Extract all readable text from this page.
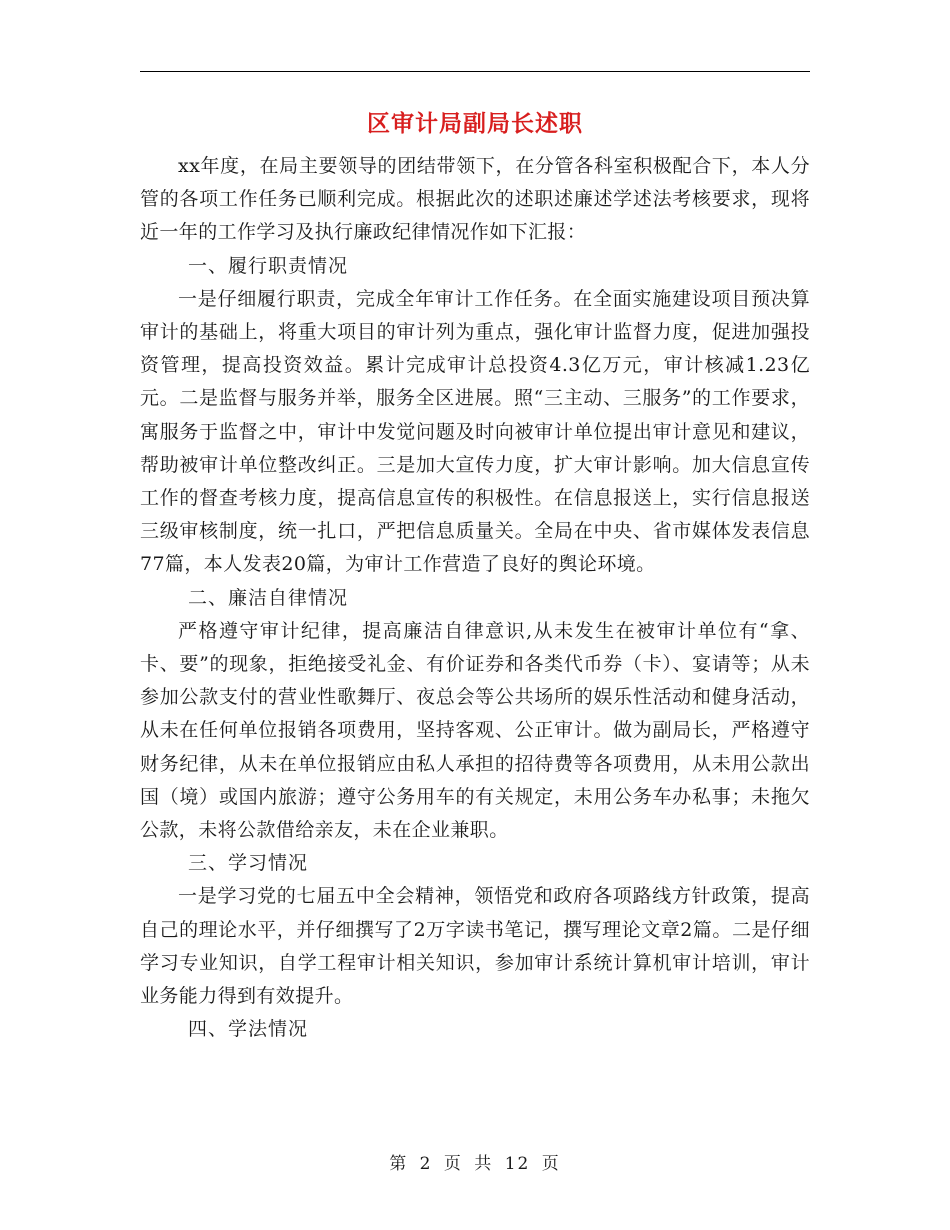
区审计局副局长述职

xx年度，在局主要领导的团结带领下，在分管各科室积极配合下，本人分管的各项工作任务已顺利完成。根据此次的述职述廉述学述法考核要求，现将近一年的工作学习及执行廉政纪律情况作如下汇报：

一、履行职责情况

一是仔细履行职责，完成全年审计工作任务。在全面实施建设项目预决算审计的基础上，将重大项目的审计列为重点，强化审计监督力度，促进加强投资管理，提高投资效益。累计完成审计总投资4.3亿万元，审计核减1.23亿元。二是监督与服务并举，服务全区进展。照“三主动、三服务”的工作要求，寓服务于监督之中，审计中发觉问题及时向被审计单位提出审计意见和建议，帮助被审计单位整改纠正。三是加大宣传力度，扩大审计影响。加大信息宣传工作的督查考核力度，提高信息宣传的积极性。在信息报送上，实行信息报送三级审核制度，统一扎口，严把信息质量关。全局在中央、省市媒体发表信息77篇，本人发表20篇，为审计工作营造了良好的舆论环境。

二、廉洁自律情况

严格遵守审计纪律，提高廉洁自律意识,从未发生在被审计单位有“拿、卡、要”的现象，拒绝接受礼金、有价证券和各类代币券（卡）、宴请等；从未参加公款支付的营业性歌舞厅、夜总会等公共场所的娱乐性活动和健身活动，从未在任何单位报销各项费用，坚持客观、公正审计。做为副局长，严格遵守财务纪律，从未在单位报销应由私人承担的招待费等各项费用，从未用公款出国（境）或国内旅游；遵守公务用车的有关规定，未用公务车办私事；未拖欠公款，未将公款借给亲友，未在企业兼职。

三、学习情况

一是学习党的七届五中全会精神，领悟党和政府各项路线方针政策，提高自己的理论水平，并仔细撰写了2万字读书笔记，撰写理论文章2篇。二是仔细学习专业知识，自学工程审计相关知识，参加审计系统计算机审计培训，审计业务能力得到有效提升。

四、学法情况

第 2 页 共 12 页
